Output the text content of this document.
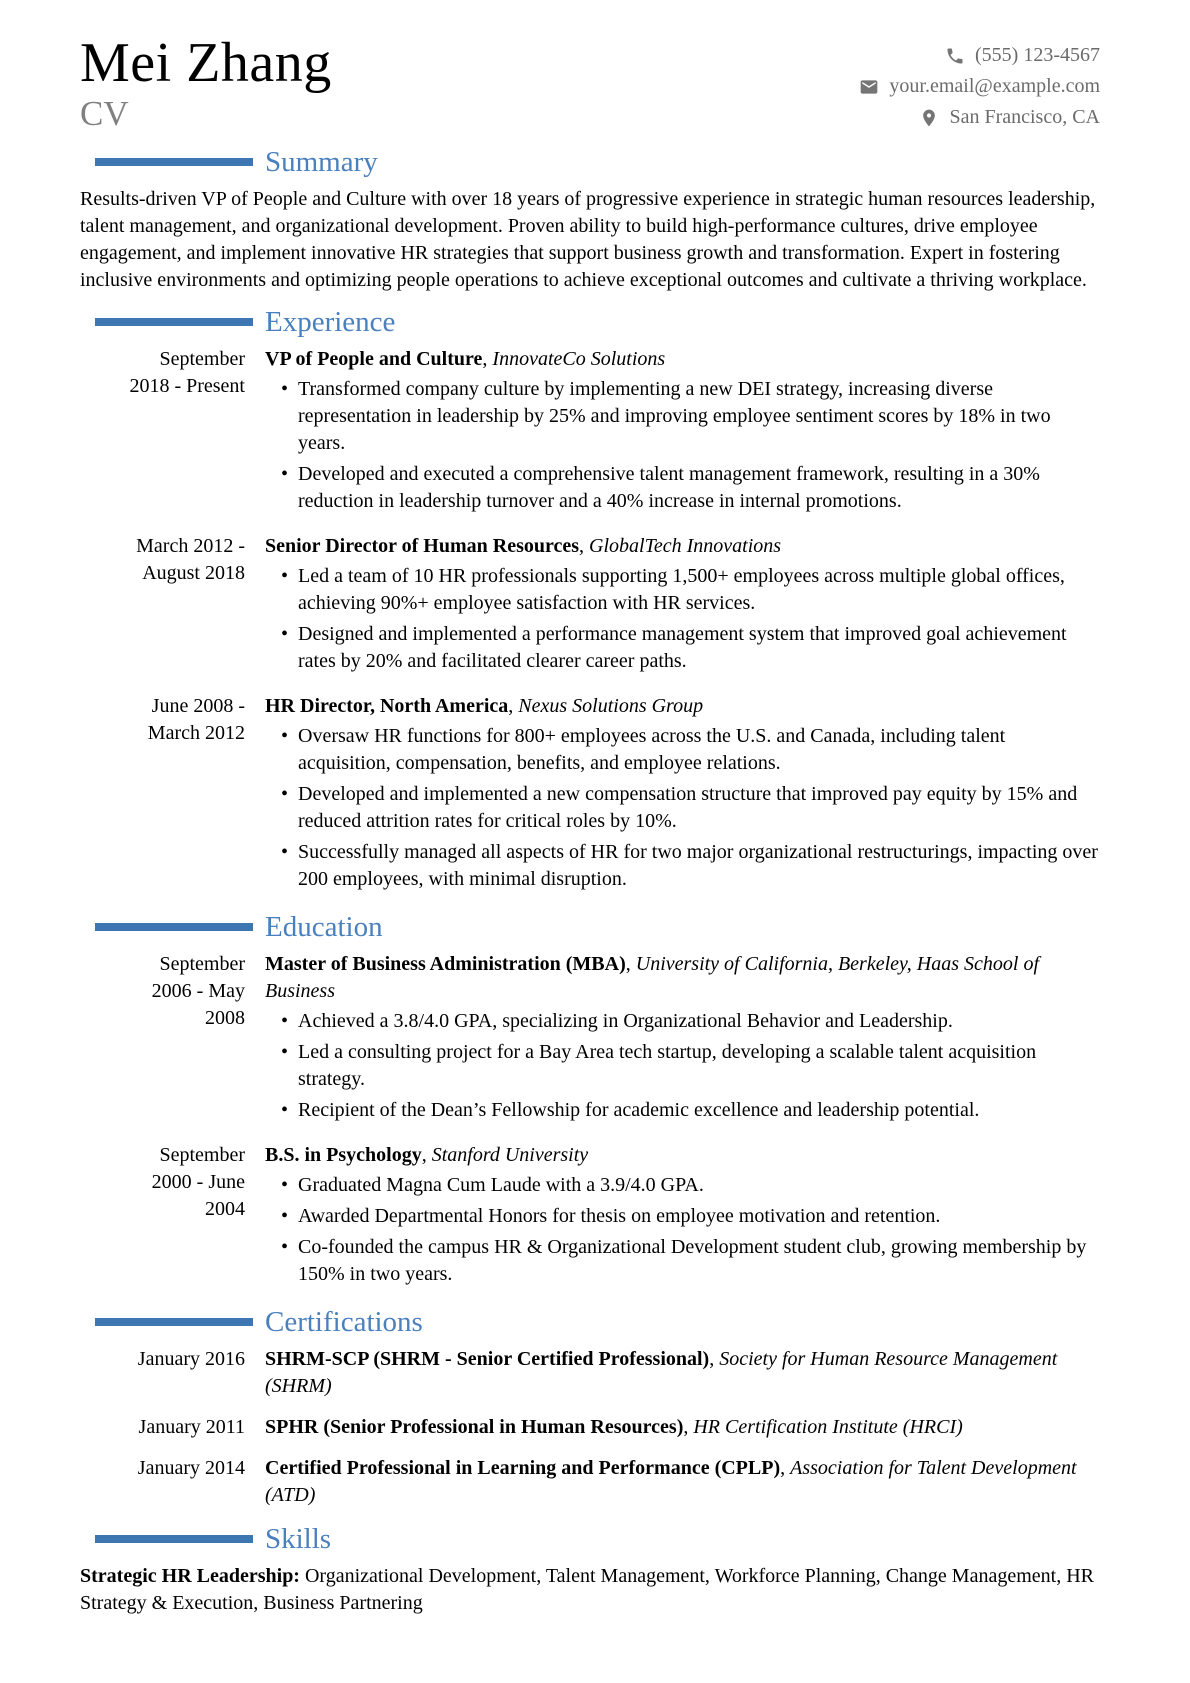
Mei Zhang
CV
(555) 123-4567
your.email@example.com
San Francisco, CA
Summary

Results-driven VP of People and Culture with over 18 years of progressive experience in strategic human resources leadership, talent management, and organizational development. Proven ability to build high-performance cultures, drive employee engagement, and implement innovative HR strategies that support business growth and transformation. Expert in fostering inclusive environments and optimizing people operations to achieve exceptional outcomes and cultivate a thriving workplace.

Experience
September 2018 - Present

VP of People and Culture, InnovateCo Solutions

• Transformed company culture by implementing a new DEI strategy, increasing diverse representation in leadership by 25% and improving employee sentiment scores by 18% in two years.
• Developed and executed a comprehensive talent management framework, resulting in a 30% reduction in leadership turnover and a 40% increase in internal promotions.
March 2012 - August 2018

Senior Director of Human Resources, GlobalTech Innovations

• Led a team of 10 HR professionals supporting 1,500+ employees across multiple global offices, achieving 90%+ employee satisfaction with HR services.
• Designed and implemented a performance management system that improved goal achievement rates by 20% and facilitated clearer career paths.
June 2008 - March 2012

HR Director, North America, Nexus Solutions Group

• Oversaw HR functions for 800+ employees across the U.S. and Canada, including talent acquisition, compensation, benefits, and employee relations.
• Developed and implemented a new compensation structure that improved pay equity by 15% and reduced attrition rates for critical roles by 10%.
• Successfully managed all aspects of HR for two major organizational restructurings, impacting over 200 employees, with minimal disruption.
Education
September 2006 - May 2008

Master of Business Administration (MBA), University of California, Berkeley, Haas School of Business

• Achieved a 3.8/4.0 GPA, specializing in Organizational Behavior and Leadership.
• Led a consulting project for a Bay Area tech startup, developing a scalable talent acquisition strategy.
• Recipient of the Dean’s Fellowship for academic excellence and leadership potential.
September 2000 - June 2004

B.S. in Psychology, Stanford University

• Graduated Magna Cum Laude with a 3.9/4.0 GPA.
• Awarded Departmental Honors for thesis on employee motivation and retention.
• Co-founded the campus HR & Organizational Development student club, growing membership by 150% in two years.
Certifications
January 2016 SHRM-SCP (SHRM - Senior Certified Professional), Society for Human Resource Management (SHRM)

January 2011 SPHR (Senior Professional in Human Resources), HR Certification Institute (HRCI)

January 2014 Certified Professional in Learning and Performance (CPLP), Association for Talent Development (ATD)

Skills

Strategic HR Leadership: Organizational Development, Talent Management, Workforce Planning, Change Management, HR Strategy & Execution, Business Partnering
